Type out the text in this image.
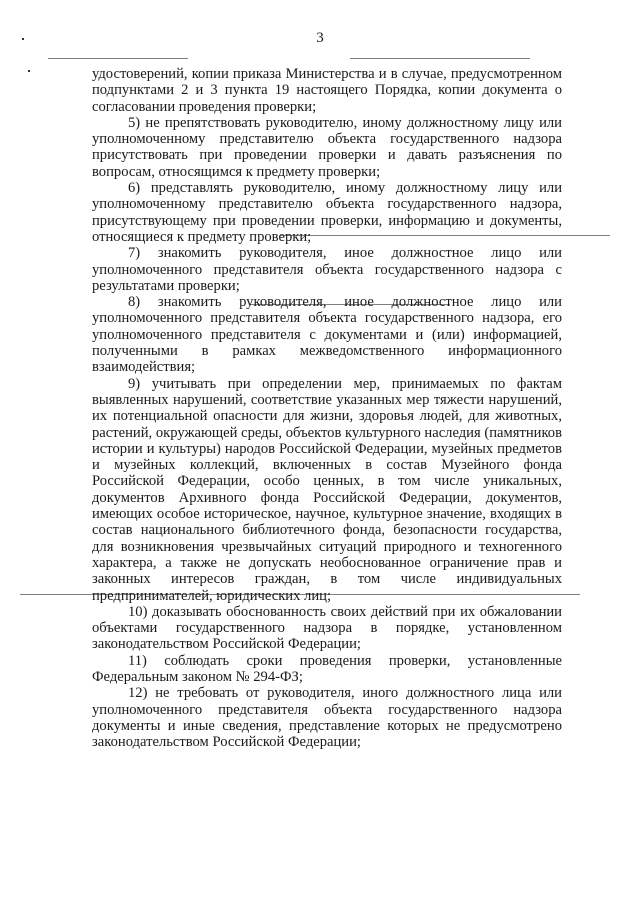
3

удостоверений, копии приказа Министерства и в случае, предусмотренном подпунктами 2 и 3 пункта 19 настоящего Порядка, копии документа о согласовании проведения проверки;

5) не препятствовать руководителю, иному должностному лицу или уполномоченному представителю объекта государственного надзора присутствовать при проведении проверки и давать разъяснения по вопросам, относящимся к предмету проверки;

6) представлять руководителю, иному должностному лицу или уполномоченному представителю объекта государственного надзора, присутствующему при проведении проверки, информацию и документы, относящиеся к предмету проверки;

7) знакомить руководителя, иное должностное лицо или уполномоченного представителя объекта государственного надзора с результатами проверки;

8) знакомить руководителя, иное должностное лицо или уполномоченного представителя объекта государственного надзора, его уполномоченного представителя с документами и (или) информацией, полученными в рамках межведомственного информационного взаимодействия;

9) учитывать при определении мер, принимаемых по фактам выявленных нарушений, соответствие указанных мер тяжести нарушений, их потенциальной опасности для жизни, здоровья людей, для животных, растений, окружающей среды, объектов культурного наследия (памятников истории и культуры) народов Российской Федерации, музейных предметов и музейных коллекций, включенных в состав Музейного фонда Российской Федерации, особо ценных, в том числе уникальных, документов Архивного фонда Российской Федерации, документов, имеющих особое историческое, научное, культурное значение, входящих в состав национального библиотечного фонда, безопасности государства, для возникновения чрезвычайных ситуаций природного и техногенного характера, а также не допускать необоснованное ограничение прав и законных интересов граждан, в том числе индивидуальных предпринимателей, юридических лиц;

10) доказывать обоснованность своих действий при их обжаловании объектами государственного надзора в порядке, установленном законодательством Российской Федерации;

11) соблюдать сроки проведения проверки, установленные Федеральным законом № 294-ФЗ;

12) не требовать от руководителя, иного должностного лица или уполномоченного представителя объекта государственного надзора документы и иные сведения, представление которых не предусмотрено законодательством Российской Федерации;
